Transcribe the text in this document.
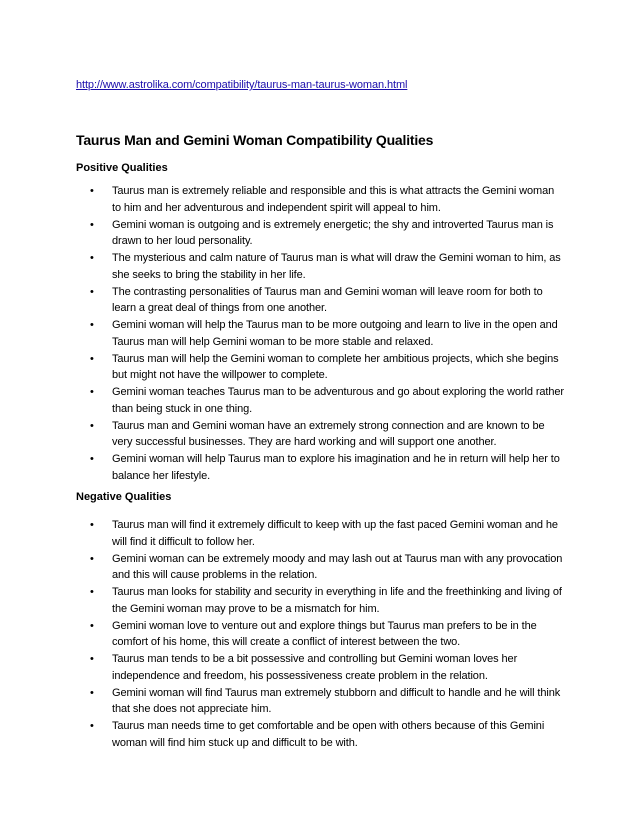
http://www.astrolika.com/compatibility/taurus-man-taurus-woman.html
Taurus Man and Gemini Woman Compatibility Qualities
Positive Qualities
• Taurus man is extremely reliable and responsible and this is what attracts the Gemini woman to him and her adventurous and independent spirit will appeal to him.
• Gemini woman is outgoing and is extremely energetic; the shy and introverted Taurus man is drawn to her loud personality.
• The mysterious and calm nature of Taurus man is what will draw the Gemini woman to him, as she seeks to bring the stability in her life.
• The contrasting personalities of Taurus man and Gemini woman will leave room for both to learn a great deal of things from one another.
• Gemini woman will help the Taurus man to be more outgoing and learn to live in the open and Taurus man will help Gemini woman to be more stable and relaxed.
• Taurus man will help the Gemini woman to complete her ambitious projects, which she begins but might not have the willpower to complete.
• Gemini woman teaches Taurus man to be adventurous and go about exploring the world rather than being stuck in one thing.
• Taurus man and Gemini woman have an extremely strong connection and are known to be very successful businesses. They are hard working and will support one another.
• Gemini woman will help Taurus man to explore his imagination and he in return will help her to balance her lifestyle.
Negative Qualities
• Taurus man will find it extremely difficult to keep with up the fast paced Gemini woman and he will find it difficult to follow her.
• Gemini woman can be extremely moody and may lash out at Taurus man with any provocation and this will cause problems in the relation.
• Taurus man looks for stability and security in everything in life and the freethinking and living of the Gemini woman may prove to be a mismatch for him.
• Gemini woman love to venture out and explore things but Taurus man prefers to be in the comfort of his home, this will create a conflict of interest between the two.
• Taurus man tends to be a bit possessive and controlling but Gemini woman loves her independence and freedom, his possessiveness create problem in the relation.
• Gemini woman will find Taurus man extremely stubborn and difficult to handle and he will think that she does not appreciate him.
• Taurus man needs time to get comfortable and be open with others because of this Gemini woman will find him stuck up and difficult to be with.
